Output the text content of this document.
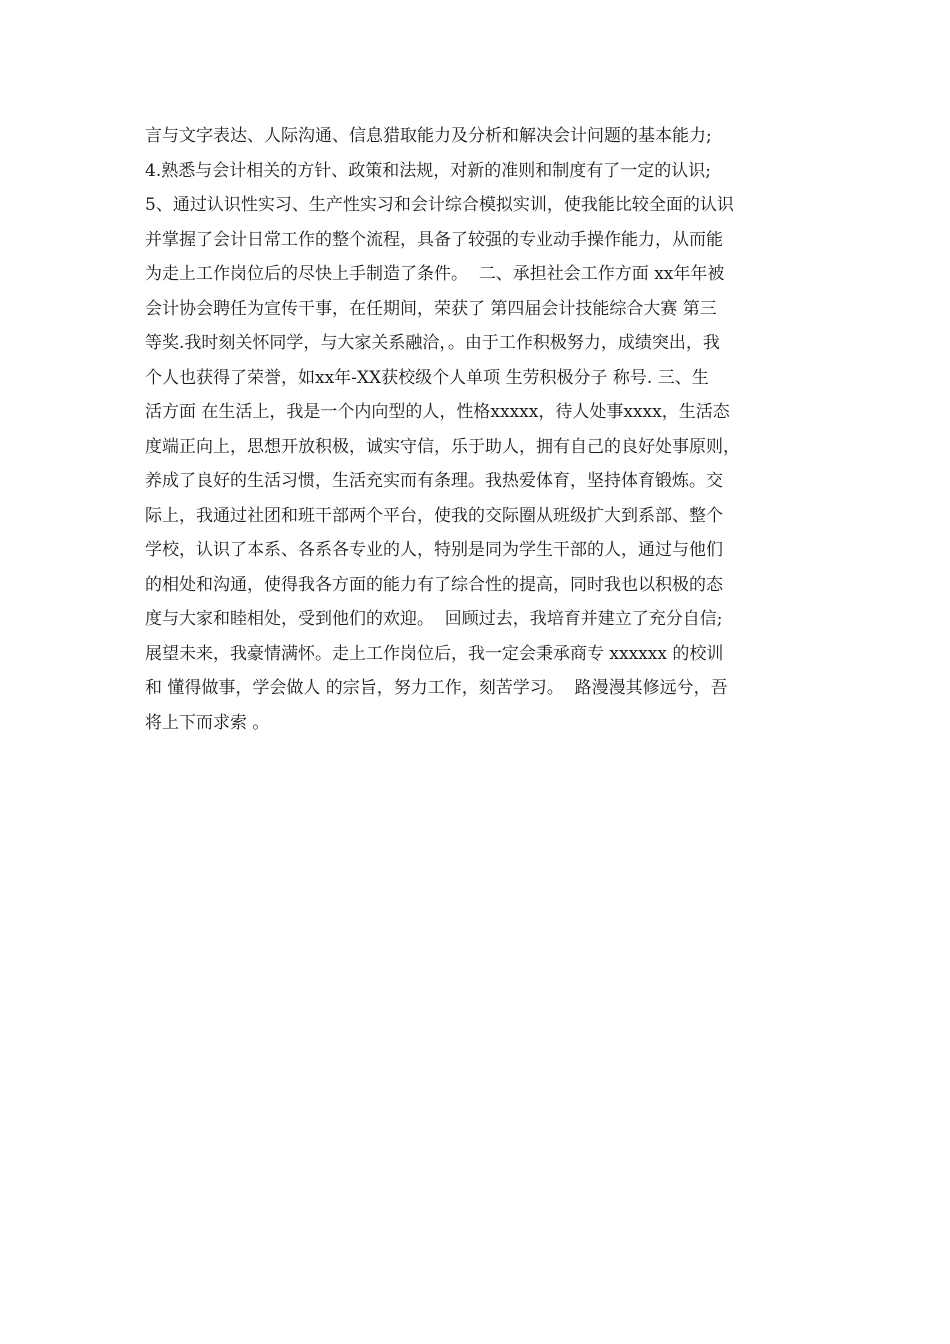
言与文字表达、人际沟通、信息猎取能力及分析和解决会计问题的基本能力;

4.熟悉与会计相关的方针、政策和法规，对新的准则和制度有了一定的认识;

5、通过认识性实习、生产性实习和会计综合模拟实训，使我能比较全面的认识

并掌握了会计日常工作的整个流程，具备了较强的专业动手操作能力，从而能

为走上工作岗位后的尽快上手制造了条件。  二、承担社会工作方面 xx年年被

会计协会聘任为宣传干事，在任期间，荣获了 第四届会计技能综合大赛 第三

等奖.我时刻关怀同学，与大家关系融洽，。由于工作积极努力，成绩突出，我

个人也获得了荣誉，如xx年-XX获校级个人单项 生劳积极分子 称号. 三、生

活方面 在生活上，我是一个内向型的人，性格xxxxx，待人处事xxxx，生活态

度端正向上，思想开放积极，诚实守信，乐于助人，拥有自己的良好处事原则，

养成了良好的生活习惯，生活充实而有条理。我热爱体育，坚持体育锻炼。交

际上，我通过社团和班干部两个平台，使我的交际圈从班级扩大到系部、整个

学校，认识了本系、各系各专业的人，特别是同为学生干部的人，通过与他们

的相处和沟通，使得我各方面的能力有了综合性的提高，同时我也以积极的态

度与大家和睦相处，受到他们的欢迎。  回顾过去，我培育并建立了充分自信;

展望未来，我豪情满怀。走上工作岗位后，我一定会秉承商专 xxxxxx 的校训

和 懂得做事，学会做人 的宗旨，努力工作，刻苦学习。  路漫漫其修远兮，吾

将上下而求索 。
